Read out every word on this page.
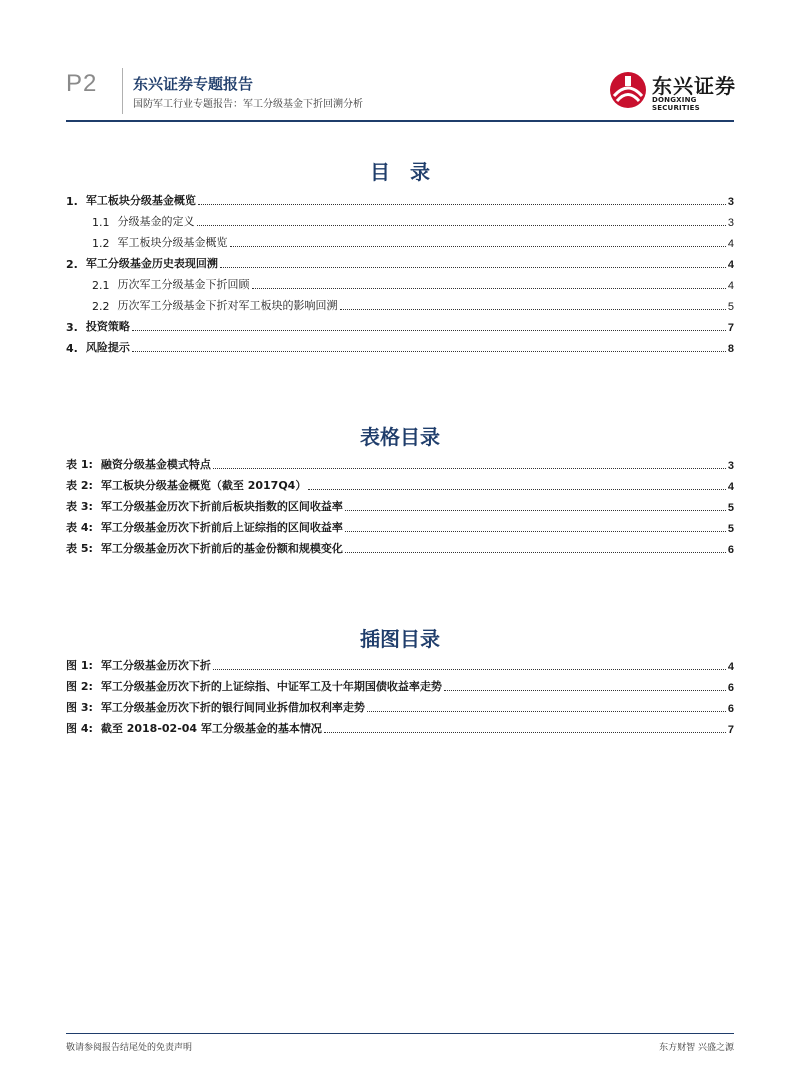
P2 东兴证券专题报告
国防军工行业专题报告：军工分级基金下折回溯分析
东兴证券
DONGXING SECURITIES
目　录
1. 军工板块分级基金概览	3
1.1 分级基金的定义	3
1.2 军工板块分级基金概览	4
2. 军工分级基金历史表现回溯	4
2.1 历次军工分级基金下折回顾	4
2.2 历次军工分级基金下折对军工板块的影响回溯	5
3. 投资策略	7
4. 风险提示	8
表格目录
表 1: 融资分级基金模式特点	3
表 2: 军工板块分级基金概览（截至 2017Q4）	4
表 3: 军工分级基金历次下折前后板块指数的区间收益率	5
表 4: 军工分级基金历次下折前后上证综指的区间收益率	5
表 5: 军工分级基金历次下折前后的基金份额和规模变化	6
插图目录
图 1: 军工分级基金历次下折	4
图 2: 军工分级基金历次下折的上证综指、中证军工及十年期国债收益率走势	6
图 3: 军工分级基金历次下折的银行间同业拆借加权利率走势	6
图 4: 截至 2018-02-04 军工分级基金的基本情况	7
敬请参阅报告结尾处的免责声明	东方财智 兴盛之源
